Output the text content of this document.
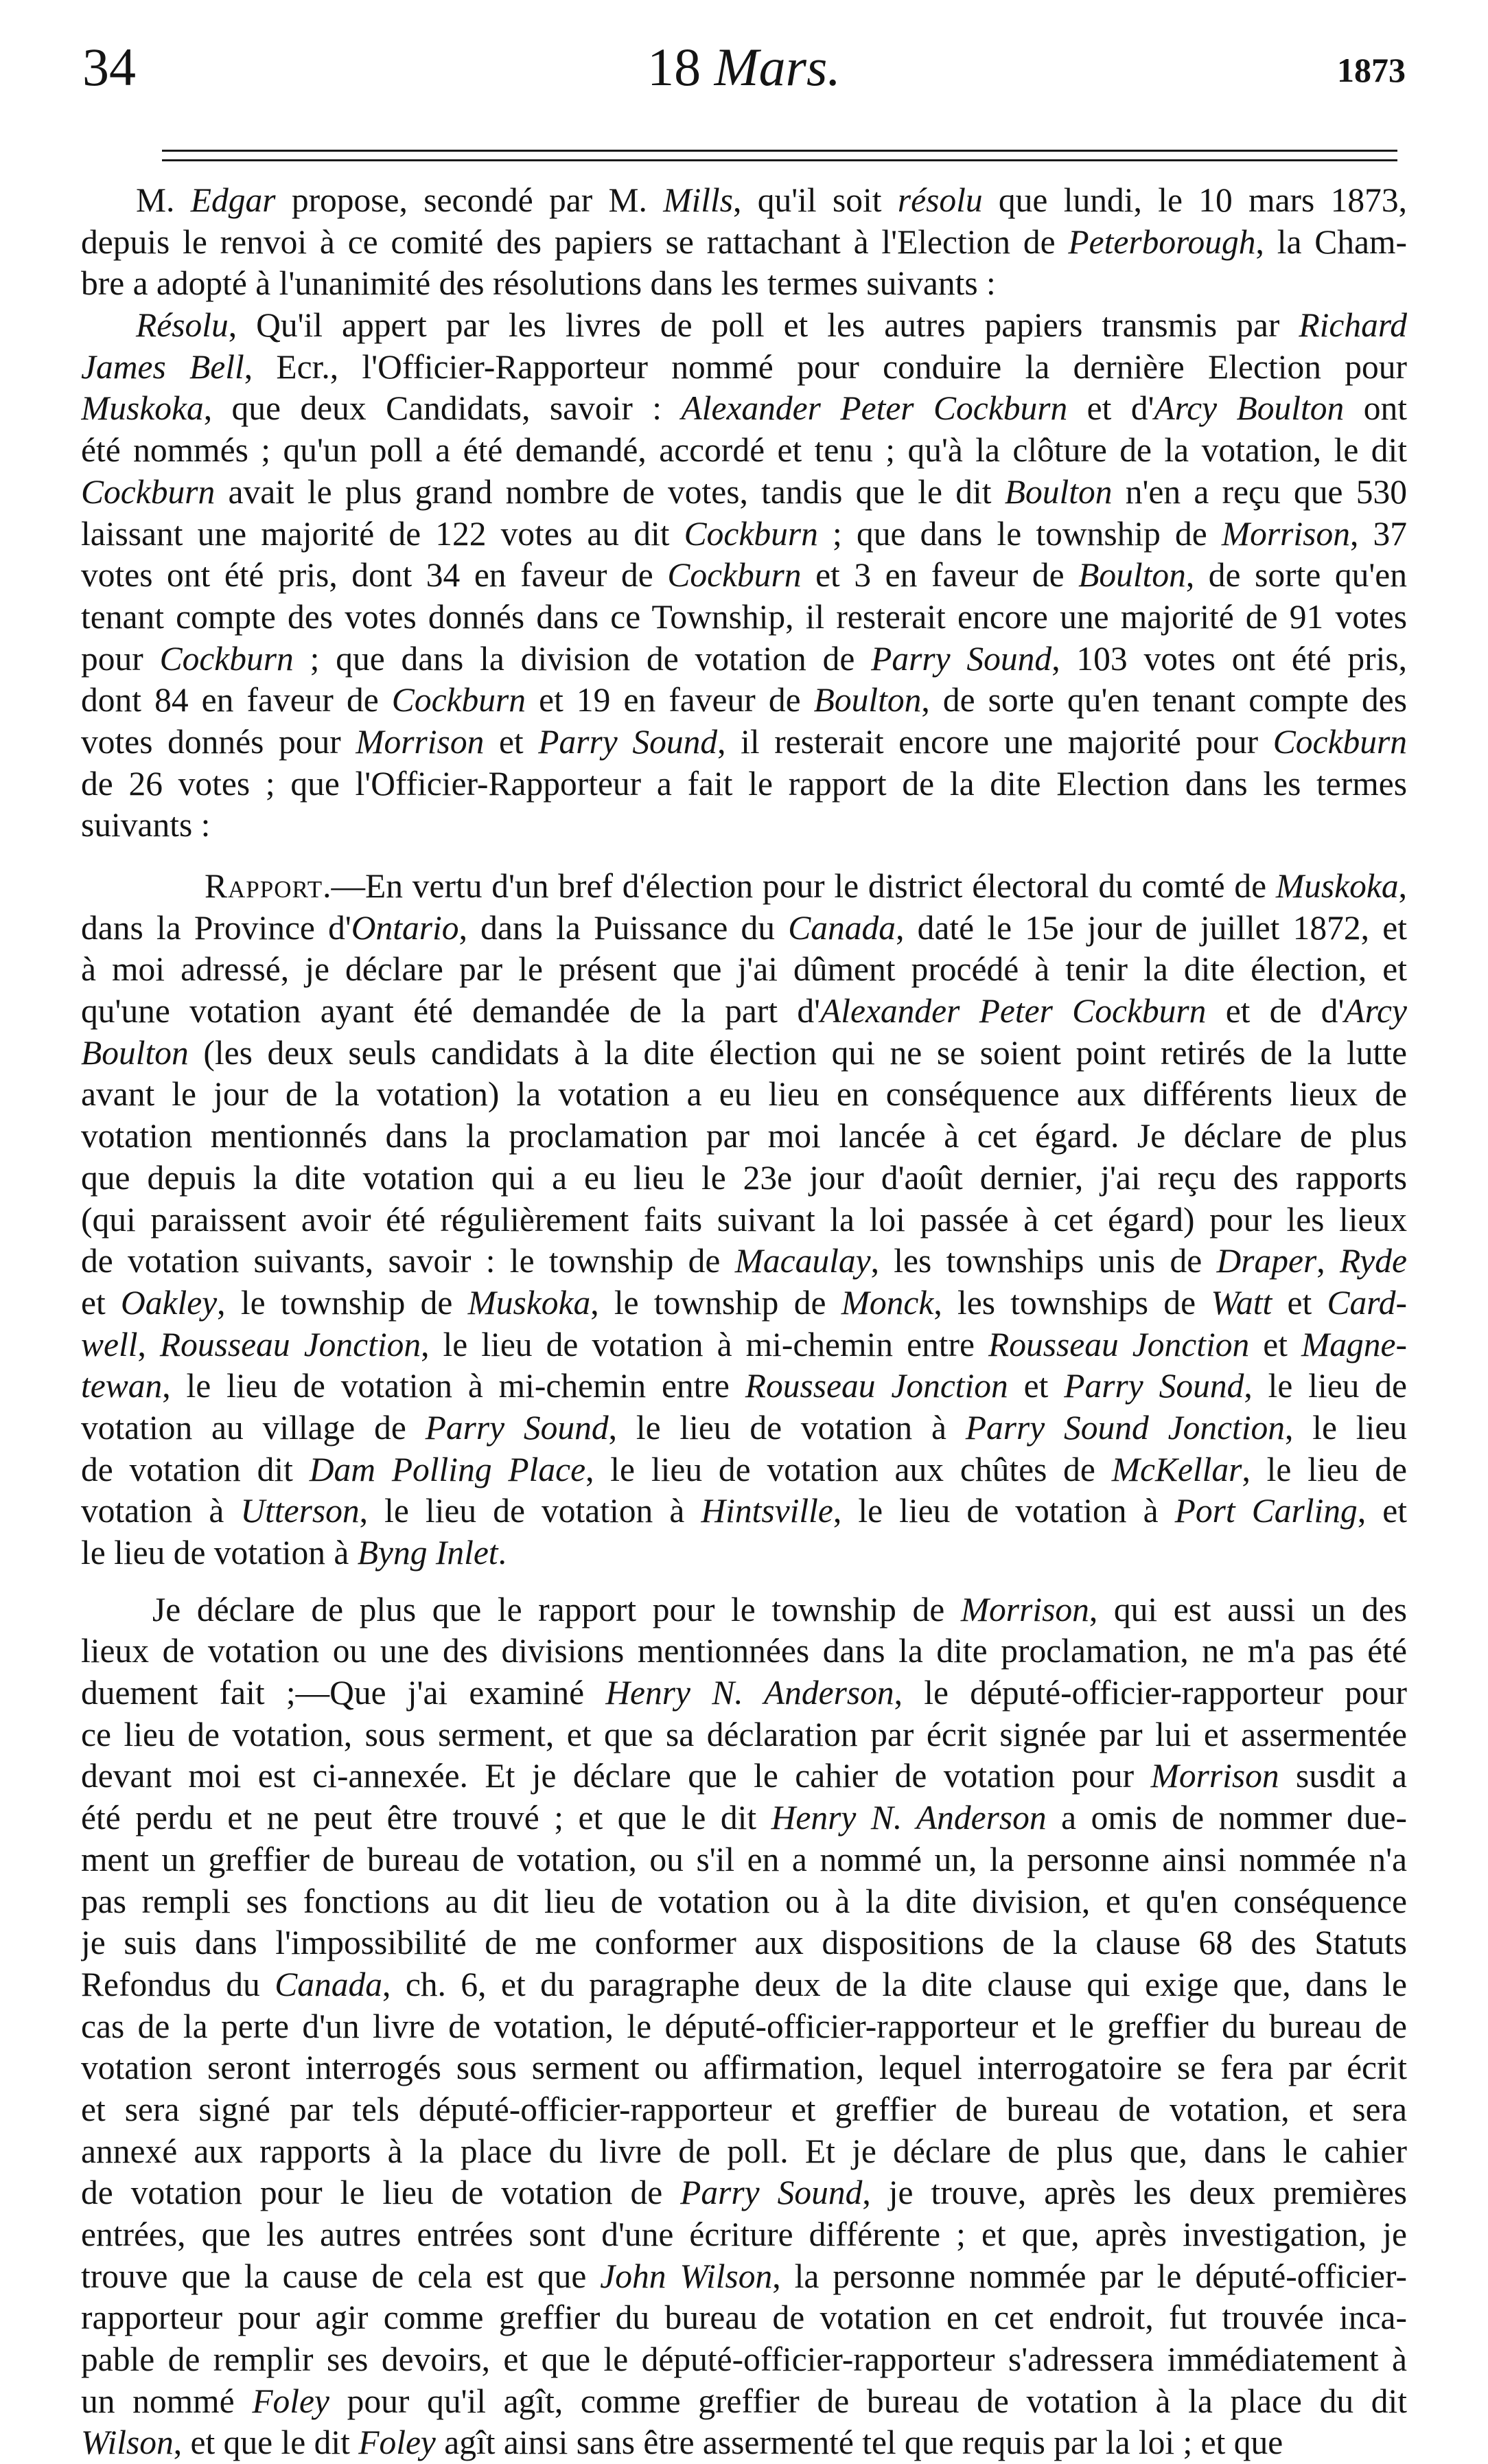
34	18 Mars.	1873
M. Edgar propose, secondé par M. Mills, qu'il soit résolu que lundi, le 10 mars 1873,
depuis le renvoi à ce comité des papiers se rattachant à l'Election de Peterborough, la Cham-
bre a adopté à l'unanimité des résolutions dans les termes suivants :
Résolu, Qu'il appert par les livres de poll et les autres papiers transmis par Richard
James Bell, Ecr., l'Officier-Rapporteur nommé pour conduire la dernière Election pour
Muskoka, que deux Candidats, savoir : Alexander Peter Cockburn et d'Arcy Boulton ont
été nommés ; qu'un poll a été demandé, accordé et tenu ; qu'à la clôture de la votation, le dit
Cockburn avait le plus grand nombre de votes, tandis que le dit Boulton n'en a reçu que 530
laissant une majorité de 122 votes au dit Cockburn ; que dans le township de Morrison, 37
votes ont été pris, dont 34 en faveur de Cockburn et 3 en faveur de Boulton, de sorte qu'en
tenant compte des votes donnés dans ce Township, il resterait encore une majorité de 91 votes
pour Cockburn ; que dans la division de votation de Parry Sound, 103 votes ont été pris,
dont 84 en faveur de Cockburn et 19 en faveur de Boulton, de sorte qu'en tenant compte des
votes donnés pour Morrison et Parry Sound, il resterait encore une majorité pour Cockburn
de 26 votes ; que l'Officier-Rapporteur a fait le rapport de la dite Election dans les termes
suivants :
Rapport.—En vertu d'un bref d'élection pour le district électoral du comté de Muskoka,
dans la Province d'Ontario, dans la Puissance du Canada, daté le 15e jour de juillet 1872, et
à moi adressé, je déclare par le présent que j'ai dûment procédé à tenir la dite élection, et
qu'une votation ayant été demandée de la part d'Alexander Peter Cockburn et de d'Arcy
Boulton (les deux seuls candidats à la dite élection qui ne se soient point retirés de la lutte
avant le jour de la votation) la votation a eu lieu en conséquence aux différents lieux de
votation mentionnés dans la proclamation par moi lancée à cet égard. Je déclare de plus
que depuis la dite votation qui a eu lieu le 23e jour d'août dernier, j'ai reçu des rapports
(qui paraissent avoir été régulièrement faits suivant la loi passée à cet égard) pour les lieux
de votation suivants, savoir : le township de Macaulay, les townships unis de Draper, Ryde
et Oakley, le township de Muskoka, le township de Monck, les townships de Watt et Card-
well, Rousseau Jonction, le lieu de votation à mi-chemin entre Rousseau Jonction et Magne-
tewan, le lieu de votation à mi-chemin entre Rousseau Jonction et Parry Sound, le lieu de
votation au village de Parry Sound, le lieu de votation à Parry Sound Jonction, le lieu
de votation dit Dam Polling Place, le lieu de votation aux chûtes de McKellar, le lieu de
votation à Utterson, le lieu de votation à Hintsville, le lieu de votation à Port Carling, et
le lieu de votation à Byng Inlet.
Je déclare de plus que le rapport pour le township de Morrison, qui est aussi un des
lieux de votation ou une des divisions mentionnées dans la dite proclamation, ne m'a pas été
duement fait ;—Que j'ai examiné Henry N. Anderson, le député-officier-rapporteur pour
ce lieu de votation, sous serment, et que sa déclaration par écrit signée par lui et assermentée
devant moi est ci-annexée. Et je déclare que le cahier de votation pour Morrison susdit a
été perdu et ne peut être trouvé ; et que le dit Henry N. Anderson a omis de nommer due-
ment un greffier de bureau de votation, ou s'il en a nommé un, la personne ainsi nommée n'a
pas rempli ses fonctions au dit lieu de votation ou à la dite division, et qu'en conséquence
je suis dans l'impossibilité de me conformer aux dispositions de la clause 68 des Statuts
Refondus du Canada, ch. 6, et du paragraphe deux de la dite clause qui exige que, dans le
cas de la perte d'un livre de votation, le député-officier-rapporteur et le greffier du bureau de
votation seront interrogés sous serment ou affirmation, lequel interrogatoire se fera par écrit
et sera signé par tels député-officier-rapporteur et greffier de bureau de votation, et sera
annexé aux rapports à la place du livre de poll. Et je déclare de plus que, dans le cahier
de votation pour le lieu de votation de Parry Sound, je trouve, après les deux premières
entrées, que les autres entrées sont d'une écriture différente ; et que, après investigation, je
trouve que la cause de cela est que John Wilson, la personne nommée par le député-officier-
rapporteur pour agir comme greffier du bureau de votation en cet endroit, fut trouvée inca-
pable de remplir ses devoirs, et que le député-officier-rapporteur s'adressera immédiatement à
un nommé Foley pour qu'il agît, comme greffier de bureau de votation à la place du dit
Wilson, et que le dit Foley agît ainsi sans être assermenté tel que requis par la loi ; et que
